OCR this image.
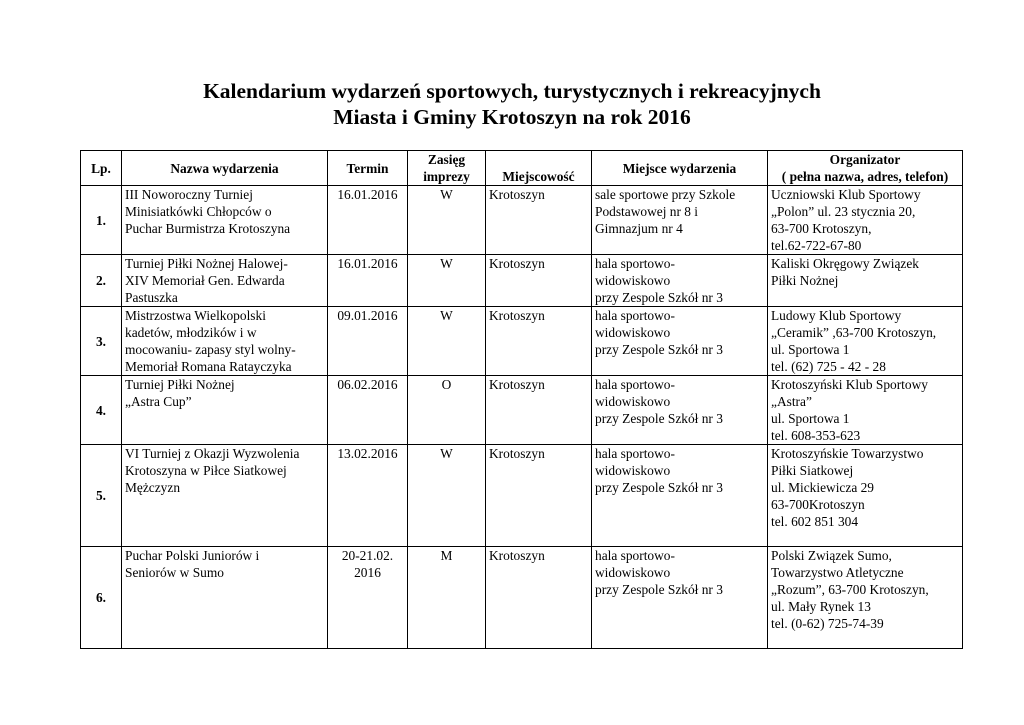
Kalendarium wydarzeń sportowych, turystycznych i rekreacyjnych
Miasta i Gminy Krotoszyn na rok 2016
Lp.	Nazwa wydarzenia	Termin	Zasięg
imprezy	Miejscowość	Miejsce wydarzenia	Organizator
( pełna nazwa, adres, telefon)

1.	III Noworoczny Turniej
Minisiatkówki Chłopców o
Puchar Burmistrza Krotoszyna	16.01.2016	W	Krotoszyn	sale sportowe przy Szkole
Podstawowej nr 8 i
Gimnazjum nr 4	Uczniowski Klub Sportowy
„Polon” ul. 23 stycznia 20,
63-700 Krotoszyn,
tel.62-722-67-80

2.	Turniej Piłki Nożnej Halowej-
XIV Memoriał Gen. Edwarda
Pastuszka	16.01.2016	W	Krotoszyn	hala sportowo-
widowiskowo
przy Zespole Szkół nr 3	Kaliski Okręgowy Związek
Piłki Nożnej

3.	Mistrzostwa Wielkopolski
kadetów, młodzików i w
mocowaniu- zapasy styl wolny-
Memoriał Romana Ratayczyka	09.01.2016	W	Krotoszyn	hala sportowo-
widowiskowo
przy Zespole Szkół nr 3	Ludowy Klub Sportowy
„Ceramik” ,63-700 Krotoszyn,
ul. Sportowa 1
tel. (62) 725 - 42 - 28

4.	Turniej Piłki Nożnej
„Astra Cup”	06.02.2016	O	Krotoszyn	hala sportowo-
widowiskowo
przy Zespole Szkół nr 3	Krotoszyński Klub Sportowy
„Astra”
ul. Sportowa 1
tel. 608-353-623

5.	VI Turniej z Okazji Wyzwolenia
Krotoszyna w Piłce Siatkowej
Mężczyzn	13.02.2016	W	Krotoszyn	hala sportowo-
widowiskowo
przy Zespole Szkół nr 3	Krotoszyńskie Towarzystwo
Piłki Siatkowej
ul. Mickiewicza 29
63-700Krotoszyn
tel. 602 851 304

6.	Puchar Polski Juniorów i
Seniorów w Sumo	20-21.02.
2016	M	Krotoszyn	hala sportowo-
widowiskowo
przy Zespole Szkół nr 3	Polski Związek Sumo,
Towarzystwo Atletyczne
„Rozum”, 63-700 Krotoszyn,
ul. Mały Rynek 13
tel. (0-62) 725-74-39
